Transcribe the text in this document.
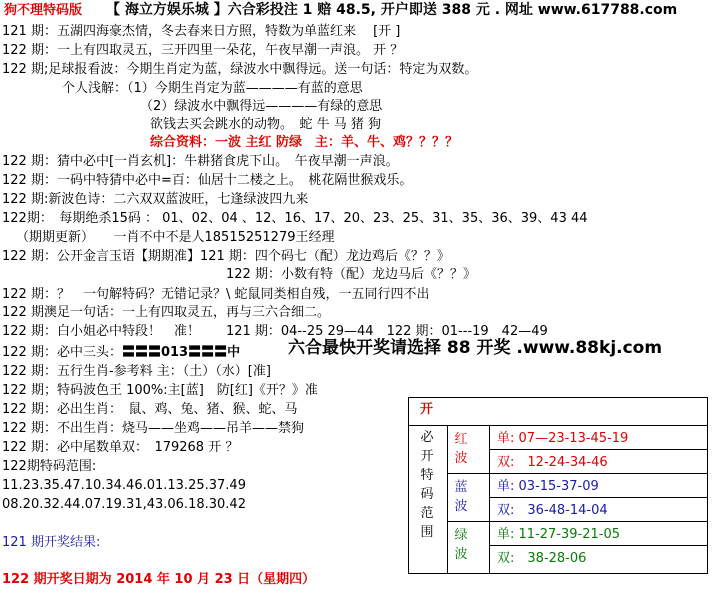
狗不理特码版 【 海立方娱乐城 】六合彩投注 1 赔 48.5, 开户即送 388 元 . 网址 www.617788.com
121 期：五湖四海豪杰情，冬去春来日方照，特数为单蓝红来　 [开 ]
122 期：一上有四取灵五，三开四里一朵花，午夜早潮一声浪。 开 ？
122 期;足球报看波：今期生肖定为蓝，绿波水中飘得远。送一句话：特定为双数。
个人浅解：（1）今期生肖定为蓝————有蓝的意思
（2）绿波水中飘得远————有绿的意思
欲钱去买会跳水的动物。　蛇 牛 马 猪 狗
综合资料：一波 主红 防绿　主：羊、牛、鸡？？？？
122 期：猜中必中[一肖玄机]：牛耕猪食虎下山。　午夜早潮一声浪。
122 期：一码中特猜中必中=百：仙居十二楼之上。　桃花隔世猴戏乐。
122 期:新波色诗：二六双双蓝波旺，七逢绿波四九来
122期：　每期绝杀15码 ： 01、02、04 、12、16、17、20、23、25、31、35、36、39、43 44
（期期更新）　　一肖不中不是人18515251279王经理
122 期：公开金言玉语【期期准】121 期：四个码七（配）龙边鸡后《？？》
122 期：小数有特（配）龙边马后《？？》
122 期：？　一句解特码？无错记录？\ 蛇鼠同类相自残，一五同行四不出
122 期澳足一句话：一上有四取灵五，再与三六合细二。
122 期：白小姐必中特段！　准！　　121 期：04--25 29—44　122 期：01---19　42—49
122 期：必中三头：〓〓〓013〓〓〓中	六合最快开奖请选择 88 开奖 .www.88kj.com
122 期：五行生肖-参考料 主：（土）（水）[准]
122 期；特码波色王 100%:主[蓝]　防[红]《开？》准
122 期：必出生肖：　鼠、鸡、兔、猪、猴、蛇、马
122 期：不出生肖：烧马——坐鸡——吊羊——禁狗
122 期：必中尾数单双：　179268 开 ？
122期特码范围:
11.23.35.47.10.34.46.01.13.25.37.49
08.20.32.44.07.19.31,43.06.18.30.42
121 期开奖结果:
122 期开奖日期为 2014 年 10 月 23 日（星期四）
开
必
开
特
码
范
围
红
波
蓝
波
绿
波
单: 07—23-13-45-19
双:　 12-24-34-46
单: 03-15-37-09
双:　 36-48-14-04
单: 11-27-39-21-05
双:　 38-28-06
